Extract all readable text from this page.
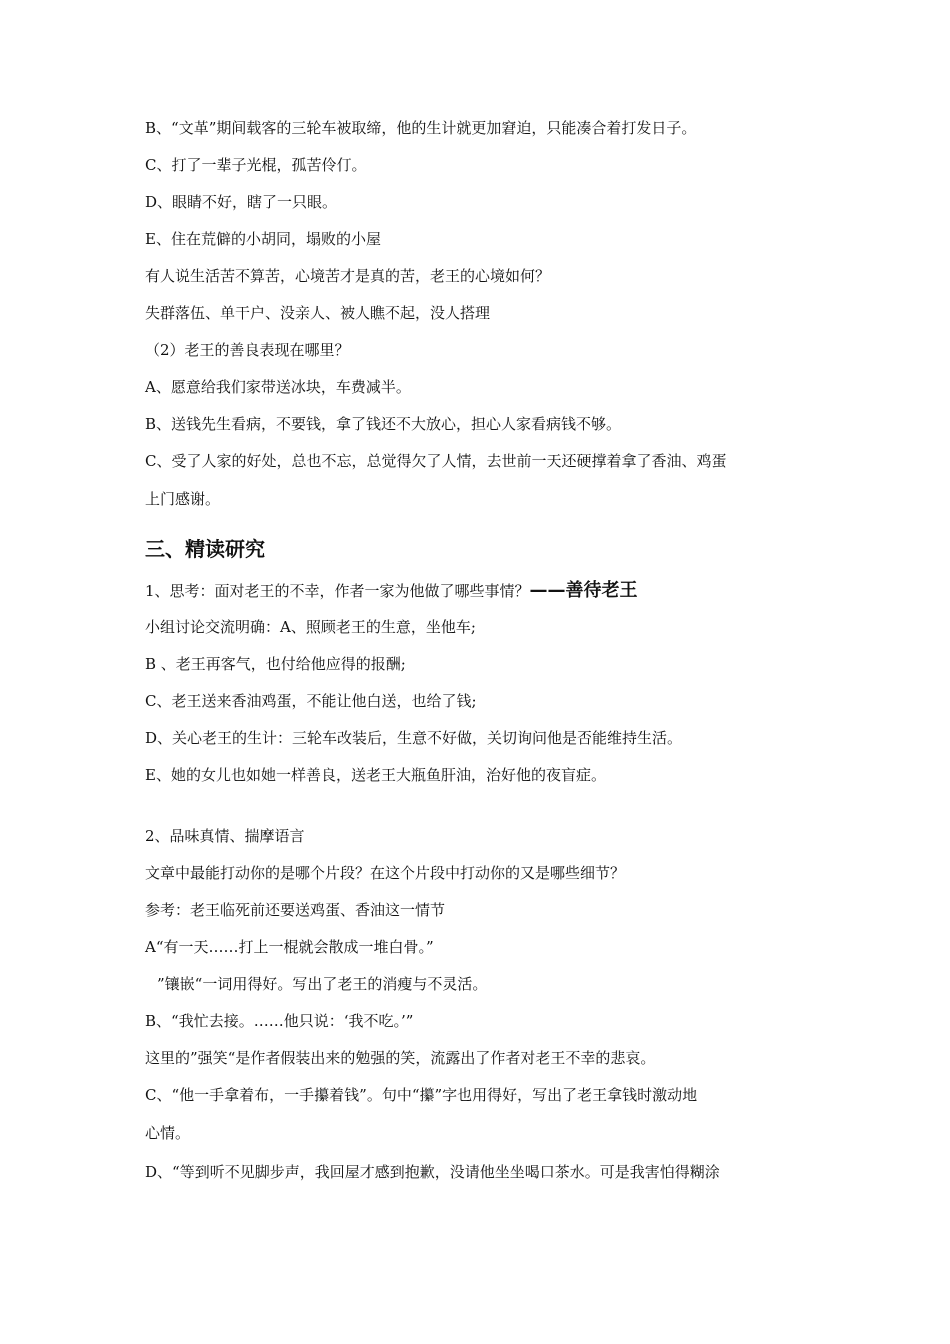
B、“文革”期间载客的三轮车被取缔，他的生计就更加窘迫，只能凑合着打发日子。
C、打了一辈子光棍，孤苦伶仃。
D、眼睛不好，瞎了一只眼。
E、住在荒僻的小胡同，塌败的小屋
有人说生活苦不算苦，心境苦才是真的苦，老王的心境如何？
失群落伍、单干户、没亲人、被人瞧不起，没人搭理
（2）老王的善良表现在哪里？
A、愿意给我们家带送冰块，车费减半。
B、送钱先生看病，不要钱，拿了钱还不大放心，担心人家看病钱不够。
C、受了人家的好处，总也不忘，总觉得欠了人情，去世前一天还硬撑着拿了香油、鸡蛋
上门感谢。
三、精读研究
1、思考：面对老王的不幸，作者一家为他做了哪些事情？——善待老王
小组讨论交流明确：A、照顾老王的生意，坐他车;
B 、老王再客气，也付给他应得的报酬;
C、老王送来香油鸡蛋，不能让他白送，也给了钱;
D、关心老王的生计：三轮车改装后，生意不好做，关切询问他是否能维持生活。
E、她的女儿也如她一样善良，送老王大瓶鱼肝油，治好他的夜盲症。
2、品味真情、揣摩语言
文章中最能打动你的是哪个片段？在这个片段中打动你的又是哪些细节？
参考：老王临死前还要送鸡蛋、香油这一情节
A“有一天……打上一棍就会散成一堆白骨。”
”镶嵌“一词用得好。写出了老王的消瘦与不灵活。
B、“我忙去接。……他只说：‘我不吃。’”
这里的”强笑“是作者假装出来的勉强的笑，流露出了作者对老王不幸的悲哀。
C、“他一手拿着布，一手攥着钱”。句中“攥”字也用得好，写出了老王拿钱时激动地
心情。
D、“等到听不见脚步声，我回屋才感到抱歉，没请他坐坐喝口茶水。可是我害怕得糊涂
